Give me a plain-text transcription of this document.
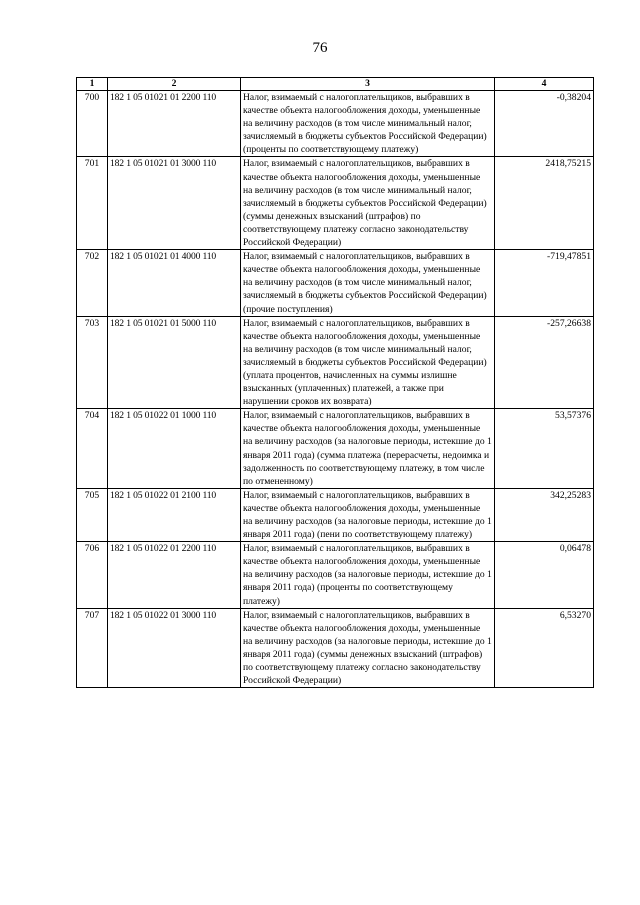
76
1	2	3	4
700	182 1 05 01021 01 2200 110	Налог, взимаемый с налогоплательщиков, выбравших в качестве объекта налогообложения доходы, уменьшенные на величину расходов (в том числе минимальный налог, зачисляемый в бюджеты субъектов Российской Федерации) (проценты по соответствующему платежу)	-0,38204
701	182 1 05 01021 01 3000 110	Налог, взимаемый с налогоплательщиков, выбравших в качестве объекта налогообложения доходы, уменьшенные на величину расходов (в том числе минимальный налог, зачисляемый в бюджеты субъектов Российской Федерации) (суммы денежных взысканий (штрафов) по соответствующему платежу согласно законодательству Российской Федерации)	2418,75215
702	182 1 05 01021 01 4000 110	Налог, взимаемый с налогоплательщиков, выбравших в качестве объекта налогообложения доходы, уменьшенные на величину расходов (в том числе минимальный налог, зачисляемый в бюджеты субъектов Российской Федерации) (прочие поступления)	-719,47851
703	182 1 05 01021 01 5000 110	Налог, взимаемый с налогоплательщиков, выбравших в качестве объекта налогообложения доходы, уменьшенные на величину расходов (в том числе минимальный налог, зачисляемый в бюджеты субъектов Российской Федерации) (уплата процентов, начисленных на суммы излишне взысканных (уплаченных) платежей, а также при нарушении сроков их возврата)	-257,26638
704	182 1 05 01022 01 1000 110	Налог, взимаемый с налогоплательщиков, выбравших в качестве объекта налогообложения доходы, уменьшенные на величину расходов (за налоговые периоды, истекшие до 1 января 2011 года) (сумма платежа (перерасчеты, недоимка и задолженность по соответствующему платежу, в том числе по отмененному)	53,57376
705	182 1 05 01022 01 2100 110	Налог, взимаемый с налогоплательщиков, выбравших в качестве объекта налогообложения доходы, уменьшенные на величину расходов (за налоговые периоды, истекшие до 1 января 2011 года) (пени по соответствующему платежу)	342,25283
706	182 1 05 01022 01 2200 110	Налог, взимаемый с налогоплательщиков, выбравших в качестве объекта налогообложения доходы, уменьшенные на величину расходов (за налоговые периоды, истекшие до 1 января 2011 года) (проценты по соответствующему платежу)	0,06478
707	182 1 05 01022 01 3000 110	Налог, взимаемый с налогоплательщиков, выбравших в качестве объекта налогообложения доходы, уменьшенные на величину расходов (за налоговые периоды, истекшие до 1 января 2011 года) (суммы денежных взысканий (штрафов) по соответствующему платежу согласно законодательству Российской Федерации)	6,53270
